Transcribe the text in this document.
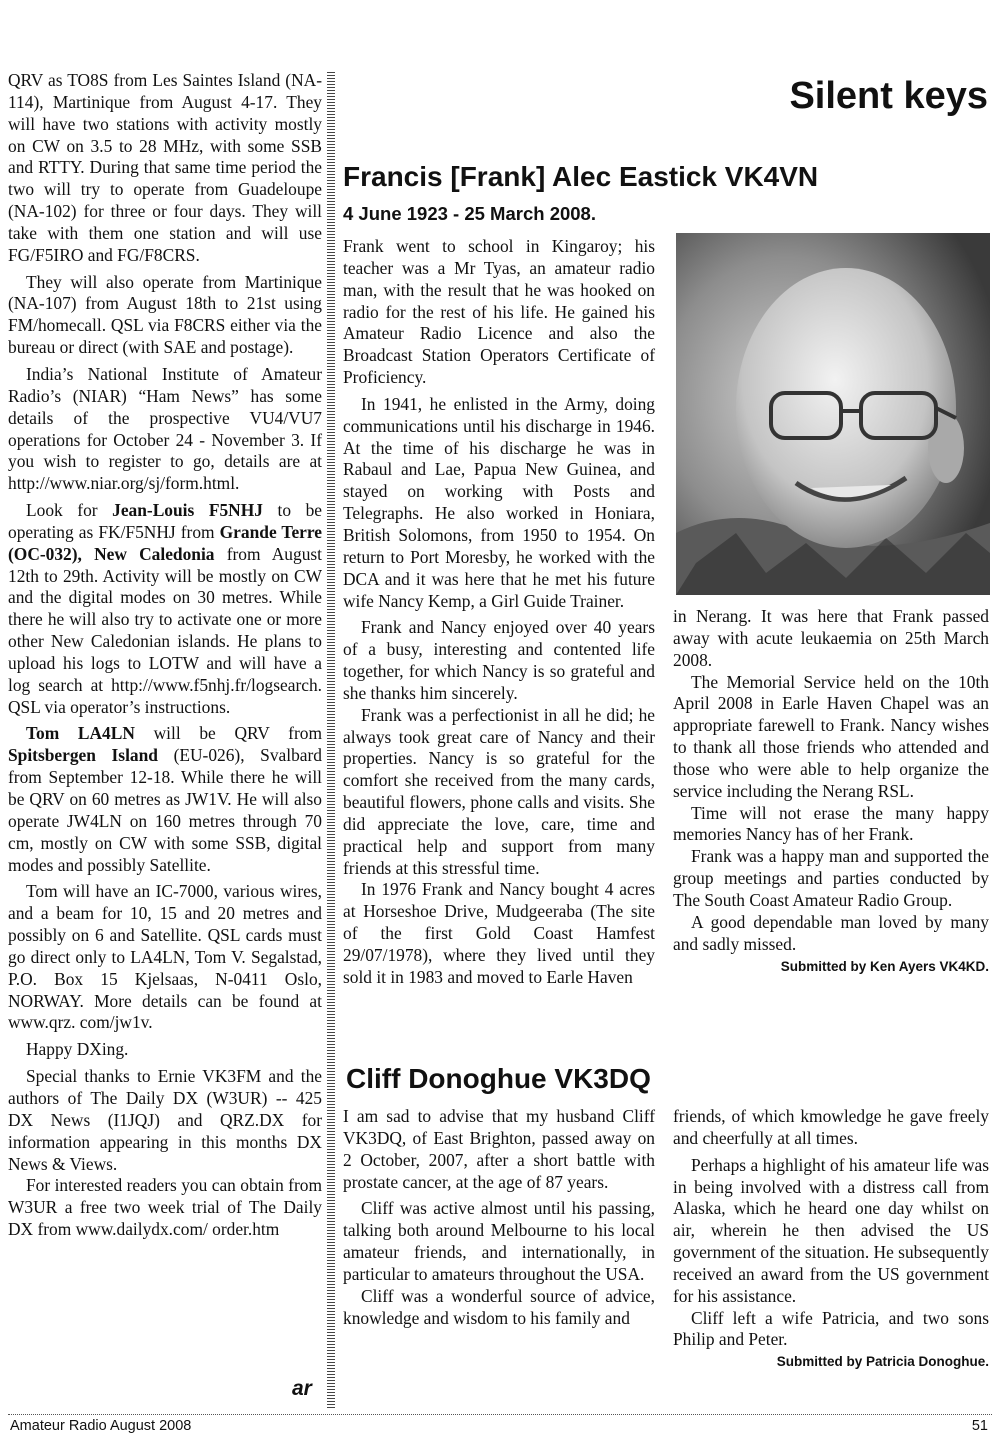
QRV as TO8S from Les Saintes Island (NA-114), Martinique from August 4-17. They will have two stations with activity mostly on CW on 3.5 to 28 MHz, with some SSB and RTTY. During that same time period the two will try to operate from Guadeloupe (NA-102) for three or four days. They will take with them one station and will use FG/F5IRO and FG/F8CRS.

They will also operate from Martinique (NA-107) from August 18th to 21st using FM/homecall. QSL via F8CRS either via the bureau or direct (with SAE and postage).

India’s National Institute of Amateur Radio’s (NIAR) “Ham News” has some details of the prospective VU4/VU7 operations for October 24 - November 3. If you wish to register to go, details are at http://www.niar.org/sj/form.html.

Look for Jean-Louis F5NHJ to be operating as FK/F5NHJ from Grande Terre (OC-032), New Caledonia from August 12th to 29th. Activity will be mostly on CW and the digital modes on 30 metres. While there he will also try to activate one or more other New Caledonian islands. He plans to upload his logs to LOTW and will have a log search at http://www.f5nhj.fr/logsearch. QSL via operator’s instructions.

Tom LA4LN will be QRV from Spitsbergen Island (EU-026), Svalbard from September 12-18. While there he will be QRV on 60 metres as JW1V. He will also operate JW4LN on 160 metres through 70 cm, mostly on CW with some SSB, digital modes and possibly Satellite.

Tom will have an IC-7000, various wires, and a beam for 10, 15 and 20 metres and possibly on 6 and Satellite. QSL cards must go direct only to LA4LN, Tom V. Segalstad, P.O. Box 15 Kjelsaas, N-0411 Oslo, NORWAY. More details can be found at www.qrz. com/jw1v.

Happy DXing.

Special thanks to Ernie VK3FM and the authors of The Daily DX (W3UR) -- 425 DX News (I1JQJ) and QRZ.DX for information appearing in this months DX News & Views.

For interested readers you can obtain from W3UR a free two week trial of The Daily DX from www.dailydx.com/ order.htm

ar
Silent keys
Francis [Frank] Alec Eastick VK4VN
4 June 1923 - 25 March 2008.

Frank went to school in Kingaroy; his teacher was a Mr Tyas, an amateur radio man, with the result that he was hooked on radio for the rest of his life. He gained his Amateur Radio Licence and also the Broadcast Station Operators Certificate of Proficiency.

In 1941, he enlisted in the Army, doing communications until his discharge in 1946. At the time of his discharge he was in Rabaul and Lae, Papua New Guinea, and stayed on working with Posts and Telegraphs. He also worked in Honiara, British Solomons, from 1950 to 1954. On return to Port Moresby, he worked with the DCA and it was here that he met his future wife Nancy Kemp, a Girl Guide Trainer.

Frank and Nancy enjoyed over 40 years of a busy, interesting and contented life together, for which Nancy is so grateful and she thanks him sincerely.

Frank was a perfectionist in all he did; he always took great care of Nancy and their properties. Nancy is so grateful for the comfort she received from the many cards, beautiful flowers, phone calls and visits. She did appreciate the love, care, time and practical help and support from many friends at this stressful time.

In 1976 Frank and Nancy bought 4 acres at Horseshoe Drive, Mudgeeraba (The site of the first Gold Coast Hamfest 29/07/1978), where they lived until they sold it in 1983 and moved to Earle Haven

in Nerang. It was here that Frank passed away with acute leukaemia on 25th March 2008.

The Memorial Service held on the 10th April 2008 in Earle Haven Chapel was an appropriate farewell to Frank. Nancy wishes to thank all those friends who attended and those who were able to help organize the service including the Nerang RSL.

Time will not erase the many happy memories Nancy has of her Frank.

Frank was a happy man and supported the group meetings and parties conducted by The South Coast Amateur Radio Group.

A good dependable man loved by many and sadly missed.

Submitted by Ken Ayers VK4KD.

Cliff Donoghue VK3DQ

I am sad to advise that my husband Cliff VK3DQ, of East Brighton, passed away on 2 October, 2007, after a short battle with prostate cancer, at the age of 87 years.

Cliff was active almost until his passing, talking both around Melbourne to his local amateur friends, and internationally, in particular to amateurs throughout the USA.

Cliff was a wonderful source of advice, knowledge and wisdom to his family and

friends, of which kmowledge he gave freely and cheerfully at all times.

Perhaps a highlight of his amateur life was in being involved with a distress call from Alaska, which he heard one day whilst on air, wherein he then advised the US government of the situation. He subsequently received an award from the US government for his assistance.

Cliff left a wife Patricia, and two sons Philip and Peter.

Submitted by Patricia Donoghue.

Amateur Radio August 2008	51
